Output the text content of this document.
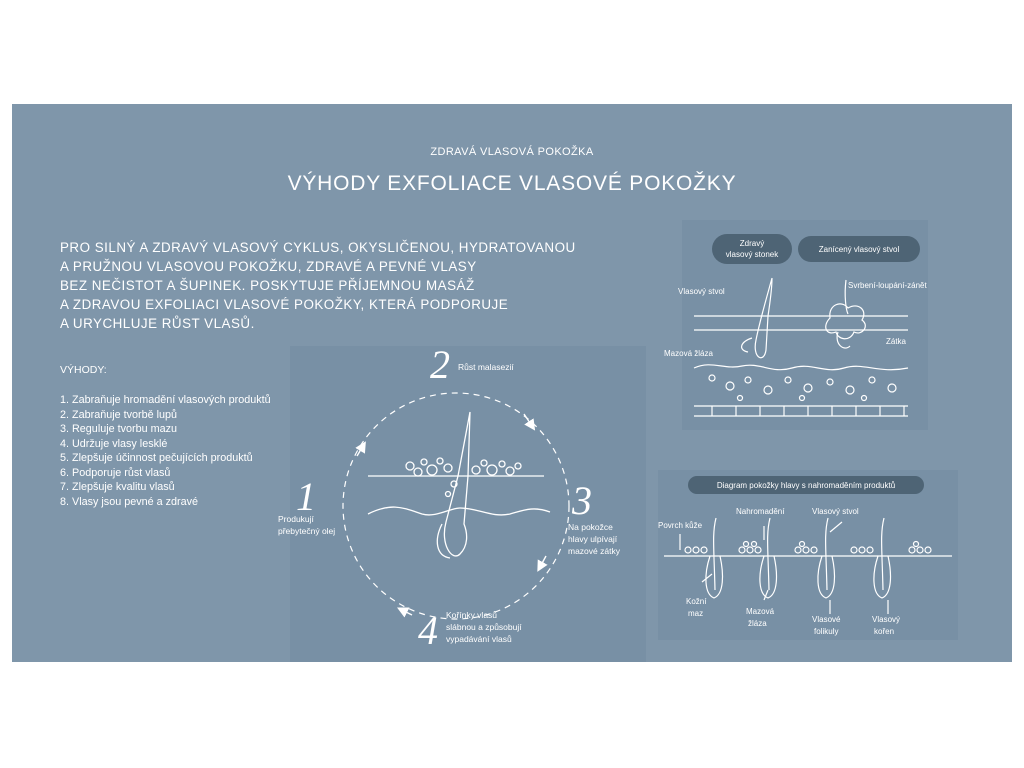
ZDRAVÁ VLASOVÁ POKOŽKA

VÝHODY EXFOLIACE VLASOVÉ POKOŽKY
PRO SILNÝ A ZDRAVÝ VLASOVÝ CYKLUS, OKYSLIČENOU, HYDRATOVANOU
A PRUŽNOU VLASOVOU POKOŽKU, ZDRAVÉ A PEVNÉ VLASY
BEZ NEČISTOT A ŠUPINEK. POSKYTUJE PŘÍJEMNOU MASÁŽ
A ZDRAVOU EXFOLIACI VLASOVÉ POKOŽKY, KTERÁ PODPORUJE
A URYCHLUJE RŮST VLASŮ.
VÝHODY:
1. Zabraňuje hromadění vlasových produktů
2. Zabraňuje tvorbě lupů
3. Reguluje tvorbu mazu
4. Udržuje vlasy lesklé
5. Zlepšuje účinnost pečujících produktů
6. Podporuje růst vlasů
7. Zlepšuje kvalitu vlasů
8. Vlasy jsou pevné a zdravé
2 Růst malasezií
1
Produkují
přebytečný olej
3
Na pokožce
hlavy ulpívají
mazové zátky
4 Kořínky vlasů
slábnou a způsobují
vypadávání vlasů
Zdravý
vlasový stonek
Zanícený vlasový stvol
Vlasový stvol
Svrbení-loupání-zánět
Zátka
Mazová žláza
Diagram pokožky hlavy s nahromaděním produktů
Povrch kůže
Nahromadění	Vlasový stvol
Kožní
maz	Mazová
žláza	Vlasové
folikuly
Vlasový
kořen
